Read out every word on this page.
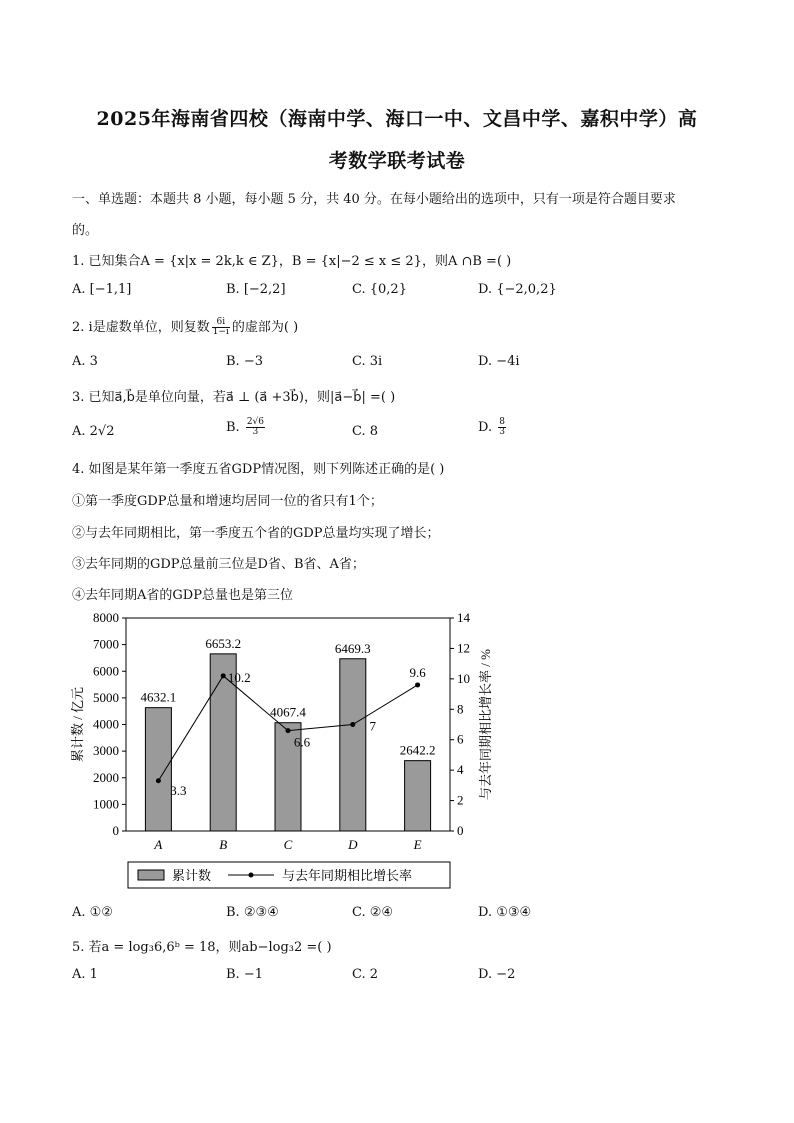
2025年海南省四校（海南中学、海口一中、文昌中学、嘉积中学）高
考数学联考试卷
一、单选题：本题共 8 小题，每小题 5 分，共 40 分。在每小题给出的选项中，只有一项是符合题目要求
的。
1. 已知集合A = {x|x = 2k,k ∈ Z}，B = {x|−2 ≤ x ≤ 2}，则A ∩B =( )
A. [−1,1]	B. [−2,2]	C. {0,2}	D. {−2,0,2}
2. i是虚数单位，则复数 $\frac{6i}{1-i}$ 的虚部为( )
A. 3	B. −3	C. 3i	D. −4i
3. 已知a⃗,b⃗是单位向量，若a⃗ ⊥ (a⃗ +3b⃗)，则|a⃗−b⃗| =( )
A. 2√2	B. $\frac{2√6}{3}$	C. 8	D. $\frac{8}{3}$
4. 如图是某年第一季度五省GDP情况图，则下列陈述正确的是( )
①第一季度GDP总量和增速均居同一位的省只有1个；
②与去年同期相比，第一季度五个省的GDP总量均实现了增长；
③去年同期的GDP总量前三位是D省、B省、A省；
④去年同期A省的GDP总量也是第三位
0
1000
2000
3000
4000
5000
6000
7000
8000
0
2
4
6
8
10
12
14
累计数 / 亿元	与去年同期相比增长率 / %
4632.1
A
6653.2
B
4067.4
C
6469.3
D
2642.2
E
3.3
10.2
6.6
7
9.6
累计数	与去年同期相比增长率
A. ①②	B. ②③④	C. ②④	D. ①③④
5. 若a = log₃6,6ᵇ = 18，则ab−log₃2 =( )
A. 1	B. −1	C. 2	D. −2
